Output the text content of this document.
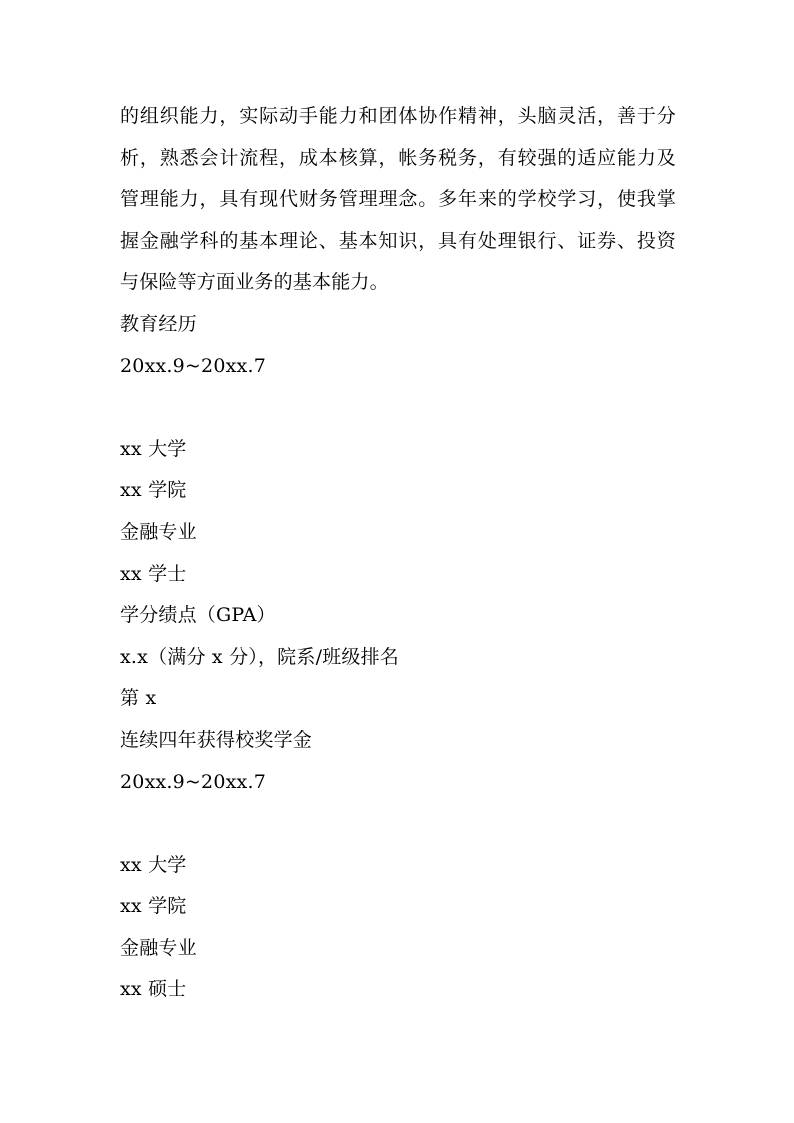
的组织能力，实际动手能力和团体协作精神，头脑灵活，善于分析，熟悉会计流程，成本核算，帐务税务，有较强的适应能力及管理能力，具有现代财务管理理念。多年来的学校学习，使我掌握金融学科的基本理论、基本知识，具有处理银行、证券、投资与保险等方面业务的基本能力。

教育经历
20xx.9~20xx.7
xx 大学
xx 学院
金融专业
xx 学士
学分绩点（GPA）
x.x（满分 x 分），院系/班级排名
第 x
连续四年获得校奖学金
20xx.9~20xx.7
xx 大学
xx 学院
金融专业
xx 硕士
